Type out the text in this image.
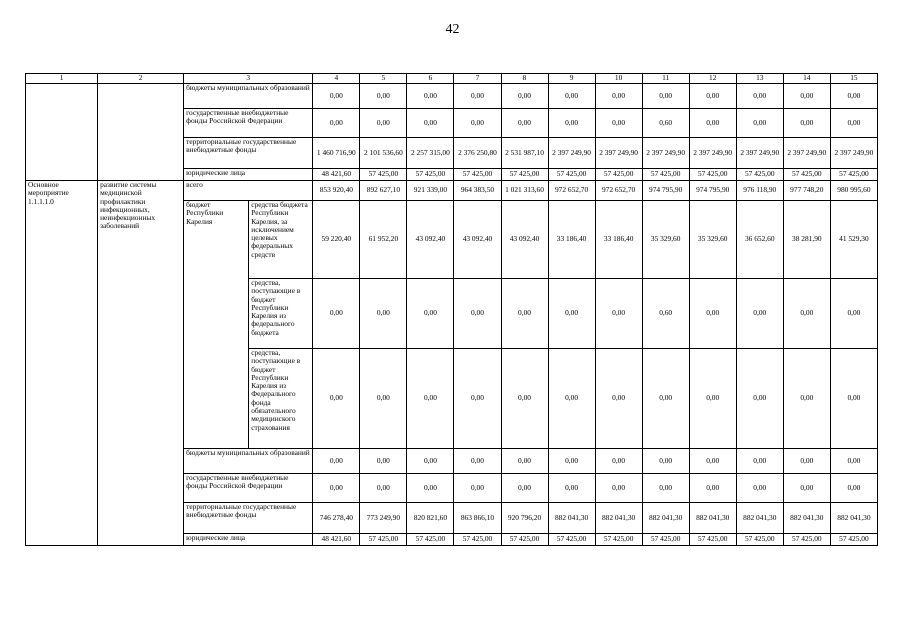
42
1	2	3		4	5	6	7	8	9	10	11	12	13	14	15
		бюджеты муниципальных образований		0,00	0,00	0,00	0,00	0,00	0,00	0,00	0,00	0,00	0,00	0,00	0,00
		государственные внебюджетные фонды Российской Федерации		0,00	0,00	0,00	0,00	0,00	0,00	0,00	0,60	0,00	0,00	0,00	0,00
		территориальные государственные внебюджетные фонды		1 460 716,90	2 101 536,60	2 257 315,00	2 376 250,80	2 531 987,10	2 397 249,90	2 397 249,90	2 397 249,90	2 397 249,90	2 397 249,90	2 397 249,90	2 397 249,90
		юридические лица		48 421,60	57 425,00	57 425,00	57 425,00	57 425,00	57 425,00	57 425,00	57 425,00	57 425,00	57 425,00	57 425,00	57 425,00
Основное мероприятие 1.1.1.1.0	развитие системы медицинской профилактики инфекционных, неинфекционных заболеваний	всего		853 920,40	892 627,10	921 339,00	964 383,50	1 021 313,60	972 652,70	972 652,70	974 795,90	974 795,90	976 118,90	977 748,20	980 995,60
		бюджет Республики Карелия	средства бюджета Республики Карелия, за исключением целевых федеральных средств	59 220,40	61 952,20	43 092,40	43 092,40	43 092,40	33 186,40	33 186,40	35 329,60	35 329,60	36 652,60	38 281,90	41 529,30
			средства, поступающие в бюджет Республики Карелия из федерального бюджета	0,00	0,00	0,00	0,00	0,00	0,00	0,00	0,60	0,00	0,00	0,00	0,00
			средства, поступающие в бюджет Республики Карелия из Федерального фонда обязательного медицинского страхования	0,00	0,00	0,00	0,00	0,00	0,00	0,00	0,00	0,00	0,00	0,00	0,00
		бюджеты муниципальных образований		0,00	0,00	0,00	0,00	0,00	0,00	0,00	0,00	0,00	0,00	0,00	0,00
		государственные внебюджетные фонды Российской Федерации		0,00	0,00	0,00	0,00	0,00	0,00	0,00	0,00	0,00	0,00	0,00	0,00
		территориальные государственные внебюджетные фонды		746 278,40	773 249,90	820 821,60	863 866,10	920 796,20	882 041,30	882 041,30	882 041,30	882 041,30	882 041,30	882 041,30	882 041,30
		юридические лица		48 421,60	57 425,00	57 425,00	57 425,00	57 425,00	57 425,00	57 425,00	57 425,00	57 425,00	57 425,00	57 425,00	57 425,00
